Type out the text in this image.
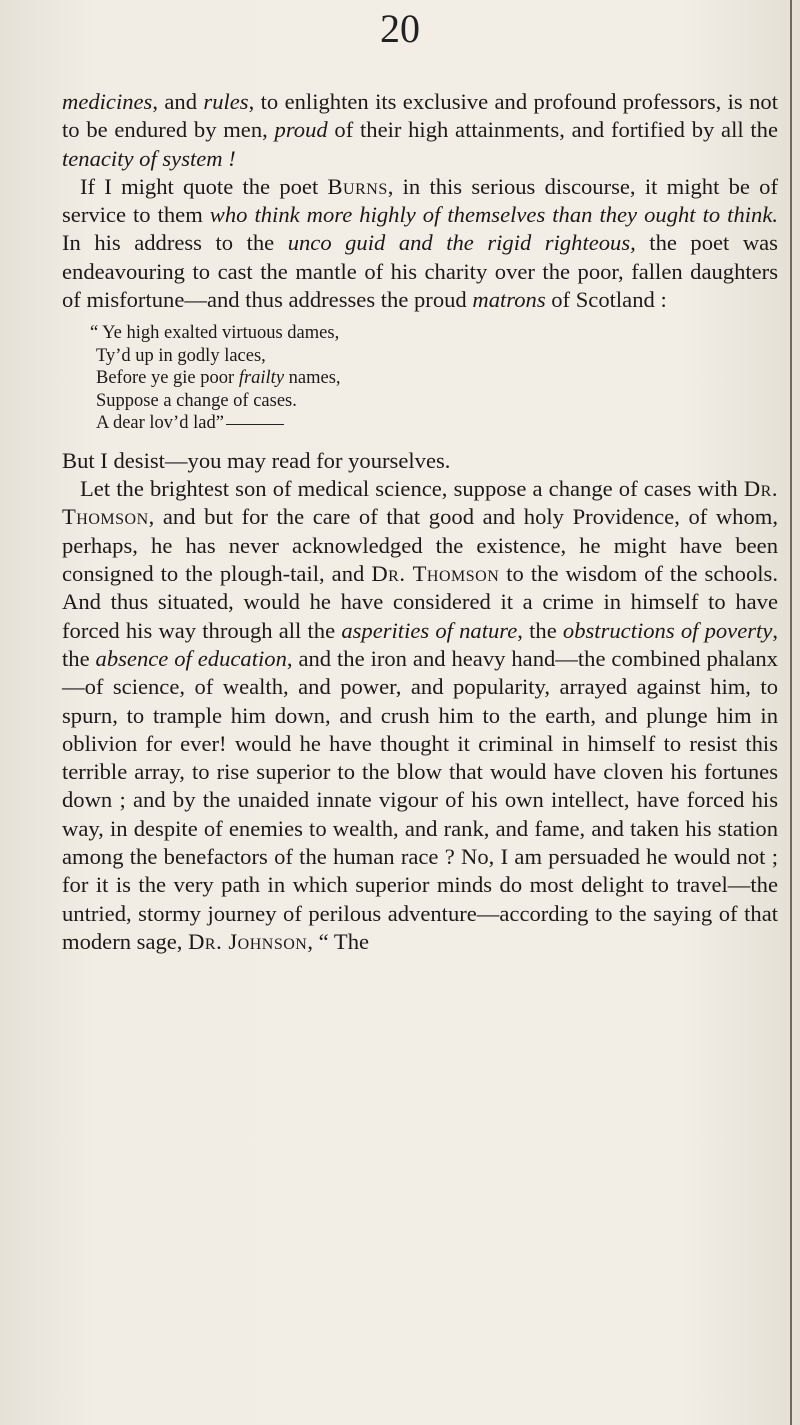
20

medicines, and rules, to enlighten its exclusive and profound professors, is not to be endured by men, proud of their high attainments, and fortified by all the tenacity of system !

If I might quote the poet Burns, in this serious discourse, it might be of service to them who think more highly of themselves than they ought to think. In his address to the unco guid and the rigid righteous, the poet was endeavouring to cast the mantle of his charity over the poor, fallen daughters of misfortune—and thus addresses the proud matrons of Scotland :

“ Ye high exalted virtuous dames,
Ty’d up in godly laces,
Before ye gie poor frailty names,
Suppose a change of cases.
A dear lov’d lad”

But I desist—you may read for yourselves.

Let the brightest son of medical science, suppose a change of cases with Dr. Thomson, and but for the care of that good and holy Providence, of whom, perhaps, he has never acknowledged the existence, he might have been consigned to the plough-tail, and Dr. Thomson to the wisdom of the schools. And thus situated, would he have considered it a crime in himself to have forced his way through all the asperities of nature, the obstructions of poverty, the absence of education, and the iron and heavy hand—the combined phalanx—of science, of wealth, and power, and popularity, arrayed against him, to spurn, to trample him down, and crush him to the earth, and plunge him in oblivion for ever! would he have thought it criminal in himself to resist this terrible array, to rise superior to the blow that would have cloven his fortunes down ; and by the unaided innate vigour of his own intellect, have forced his way, in despite of enemies to wealth, and rank, and fame, and taken his station among the benefactors of the human race ? No, I am persuaded he would not ; for it is the very path in which superior minds do most delight to travel—the untried, stormy journey of perilous adventure—according to the saying of that modern sage, Dr. Johnson, “ The
